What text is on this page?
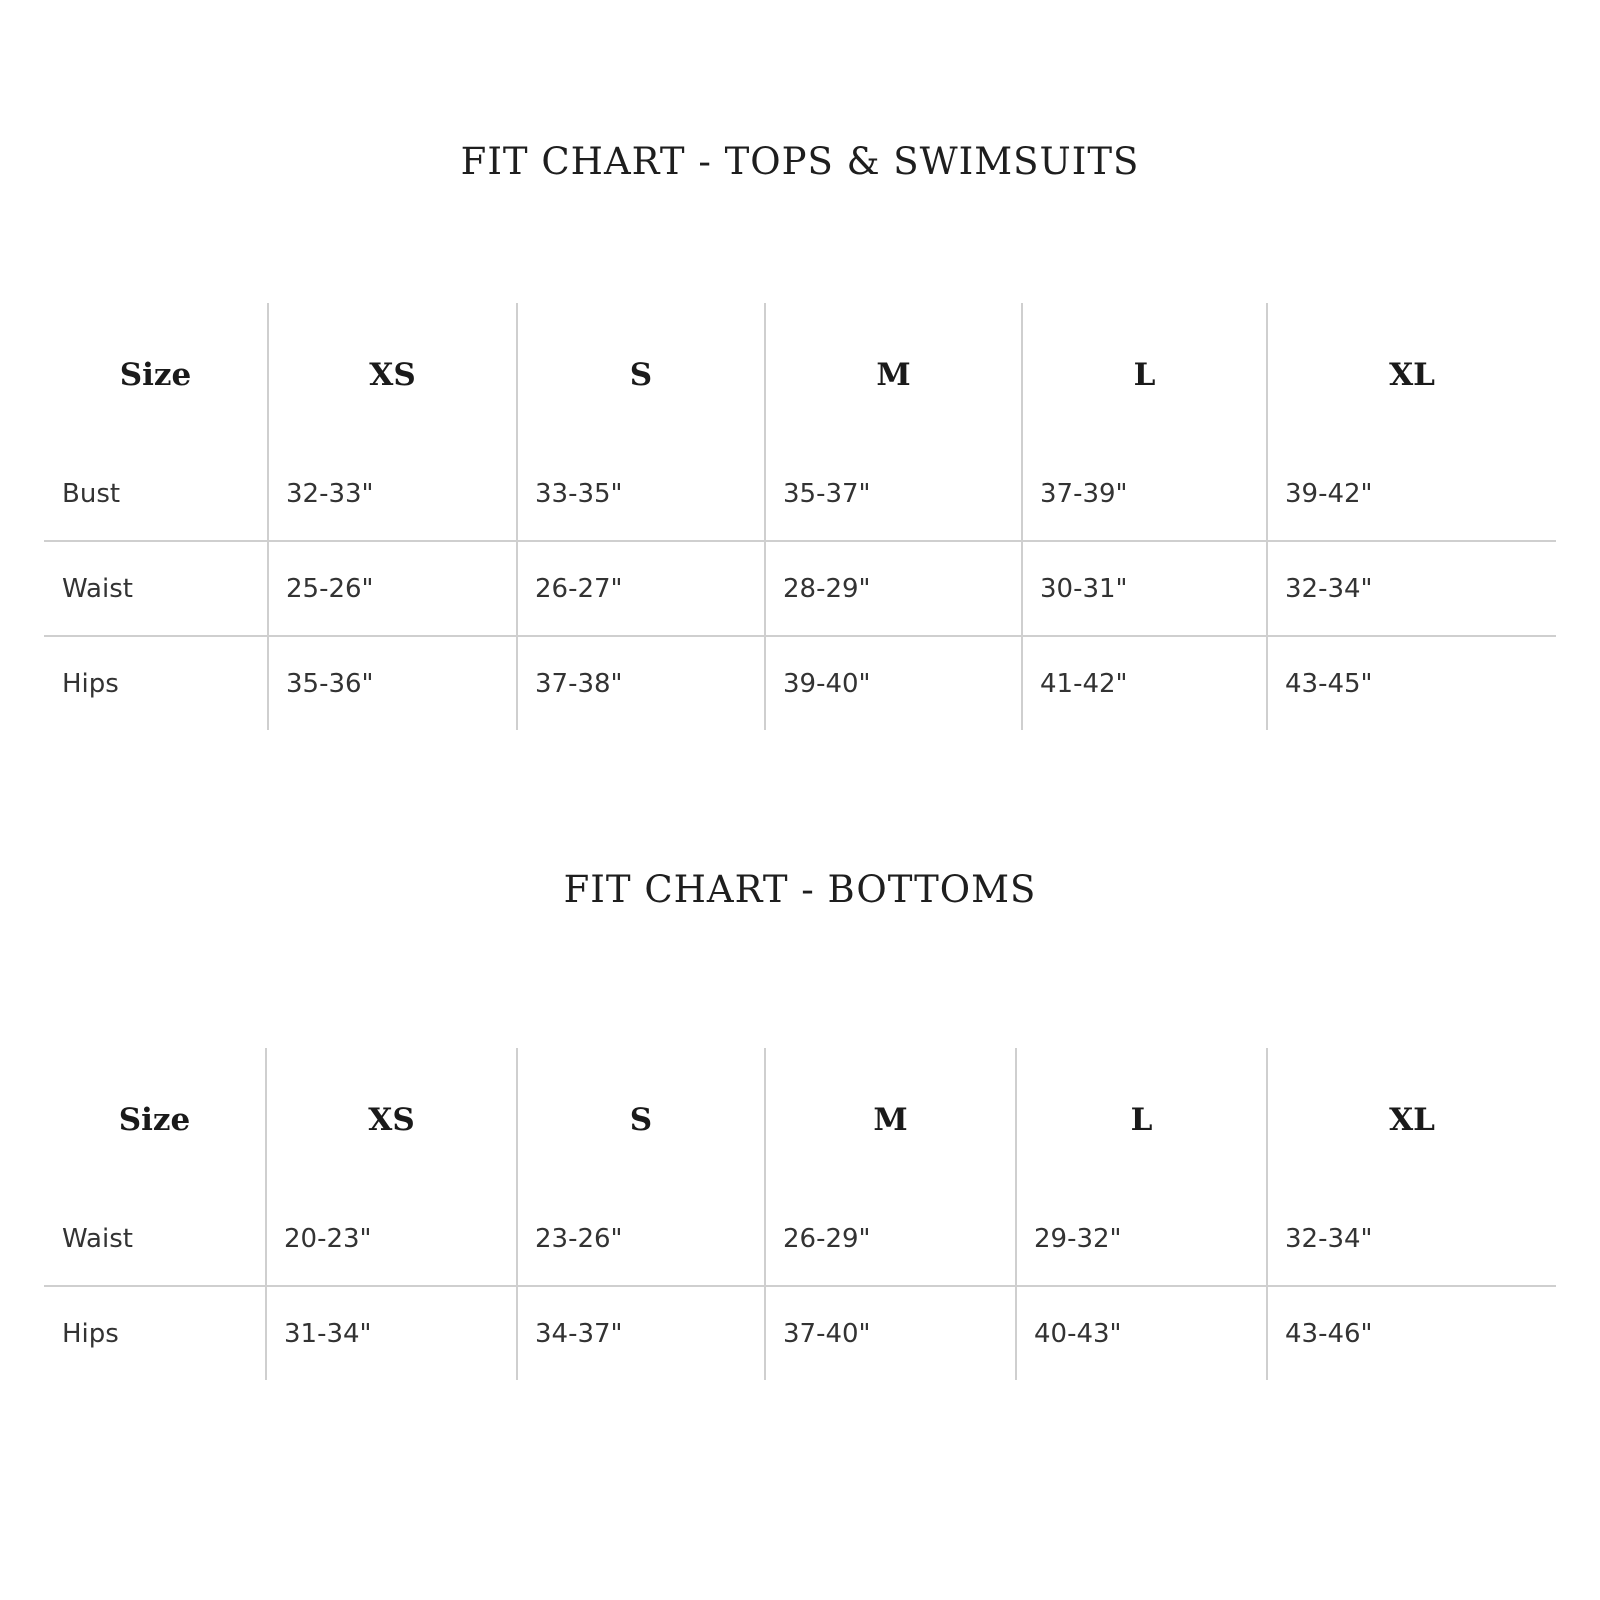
FIT CHART - TOPS & SWIMSUITS
Size	XS	S	M	L	XL
Bust	32-33"	33-35"	35-37"	37-39"	39-42"
Waist	25-26"	26-27"	28-29"	30-31"	32-34"
Hips	35-36"	37-38"	39-40"	41-42"	43-45"
FIT CHART - BOTTOMS
Size	XS	S	M	L	XL
Waist	20-23"	23-26"	26-29"	29-32"	32-34"
Hips	31-34"	34-37"	37-40"	40-43"	43-46"
